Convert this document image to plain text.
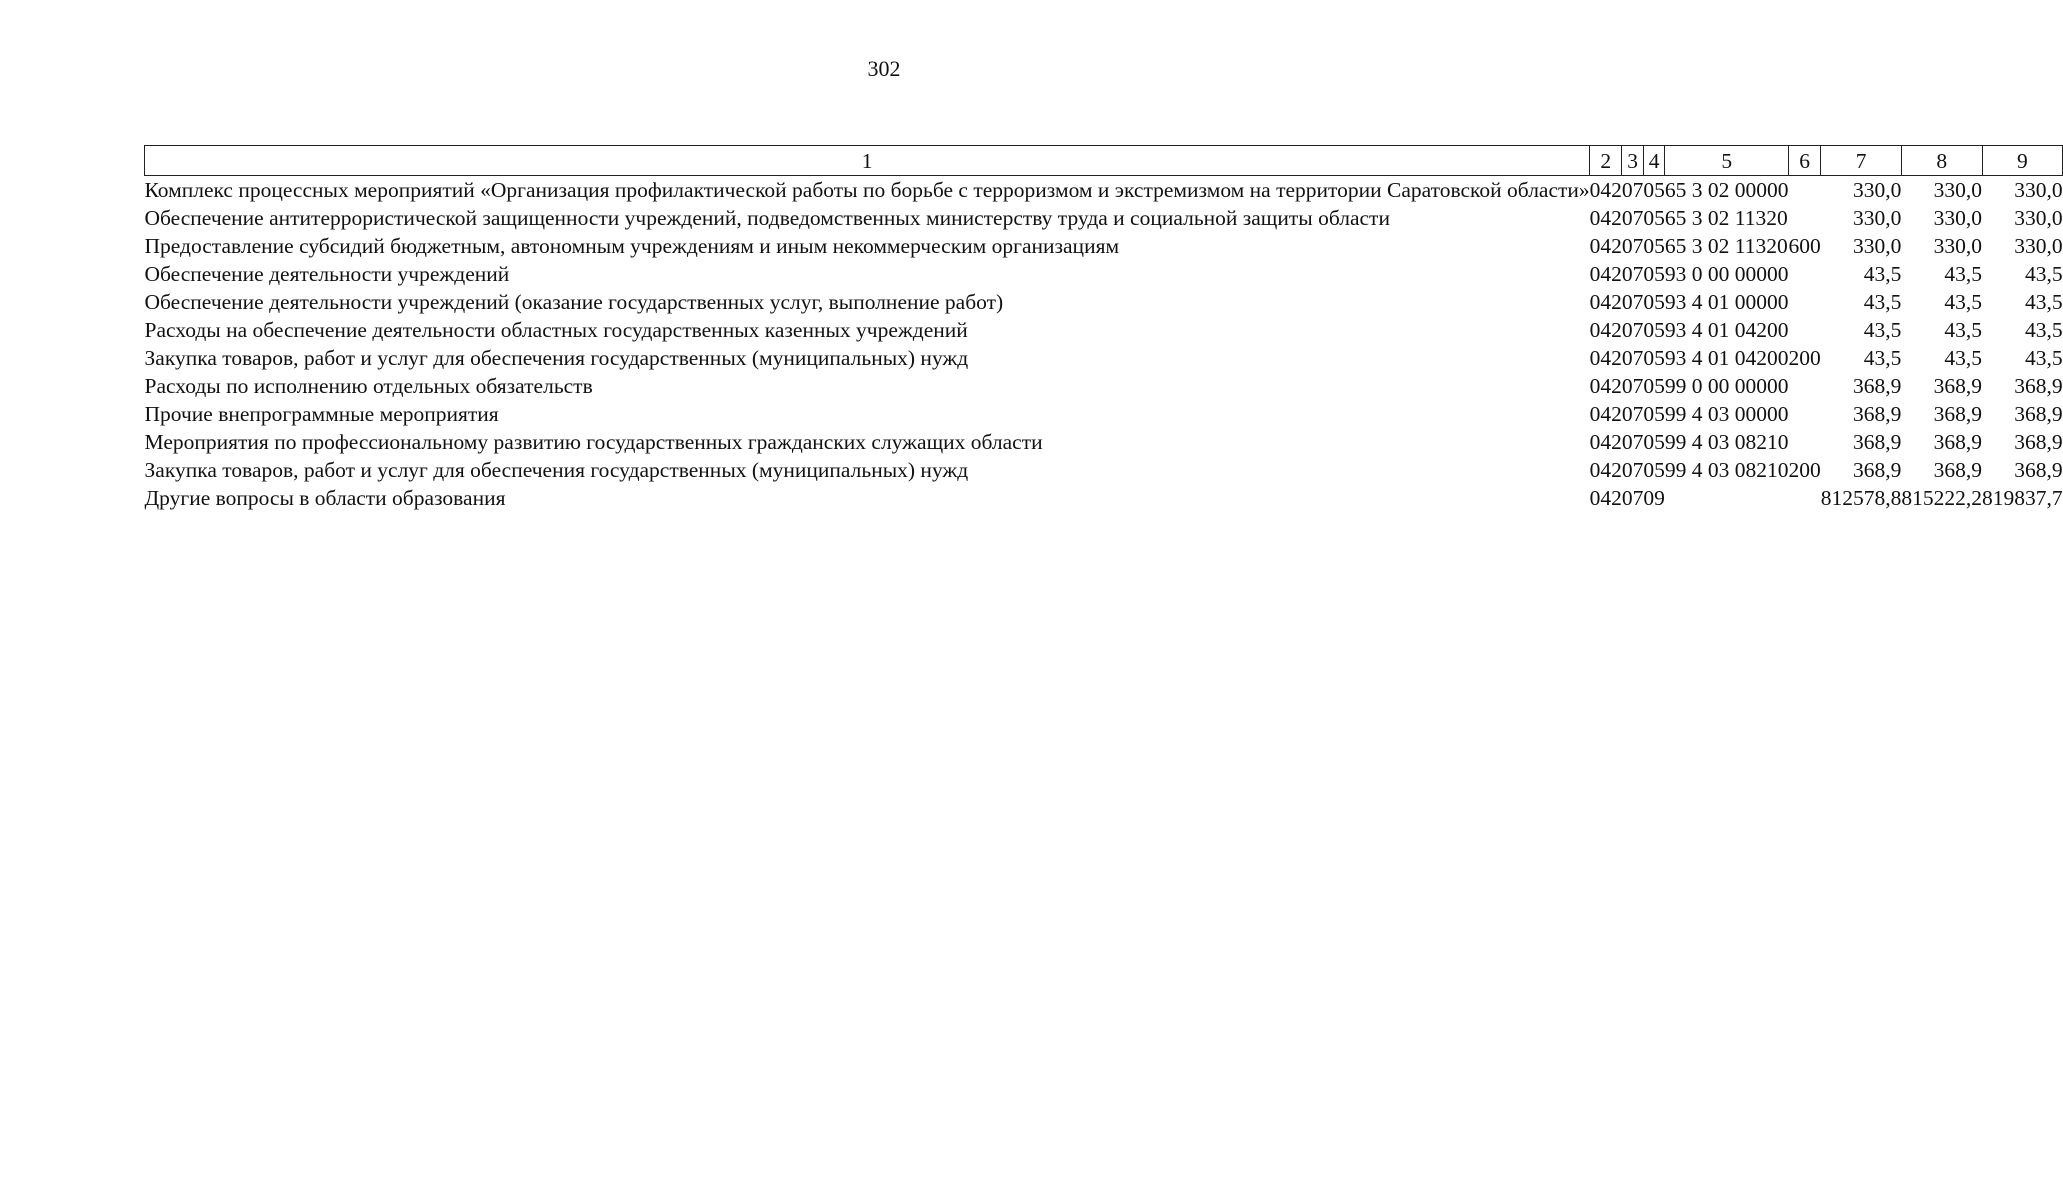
302
1	2	3	4	5	6	7	8	9
Комплекс процессных мероприятий «Организация профилактической работы по борьбе с терроризмом и экстремизмом на территории Саратовской области»	042	07	05	65 3 02 00000		330,0	330,0	330,0
Обеспечение антитеррористической защищенности учреждений, подведомственных министерству труда и социальной защиты области	042	07	05	65 3 02 11320		330,0	330,0	330,0
Предоставление субсидий бюджетным, автономным учреждениям и иным некоммерческим организациям	042	07	05	65 3 02 11320	600	330,0	330,0	330,0
Обеспечение деятельности учреждений	042	07	05	93 0 00 00000		43,5	43,5	43,5
Обеспечение деятельности учреждений (оказание государственных услуг, выполнение работ)	042	07	05	93 4 01 00000		43,5	43,5	43,5
Расходы на обеспечение деятельности областных государственных казенных учреждений	042	07	05	93 4 01 04200		43,5	43,5	43,5
Закупка товаров, работ и услуг для обеспечения государственных (муниципальных) нужд	042	07	05	93 4 01 04200	200	43,5	43,5	43,5
Расходы по исполнению отдельных обязательств	042	07	05	99 0 00 00000		368,9	368,9	368,9
Прочие внепрограммные мероприятия	042	07	05	99 4 03 00000		368,9	368,9	368,9
Мероприятия по профессиональному развитию государственных гражданских служащих области	042	07	05	99 4 03 08210		368,9	368,9	368,9
Закупка товаров, работ и услуг для обеспечения государственных (муниципальных) нужд	042	07	05	99 4 03 08210	200	368,9	368,9	368,9
Другие вопросы в области образования	042	07	09			812578,8	815222,2	819837,7
